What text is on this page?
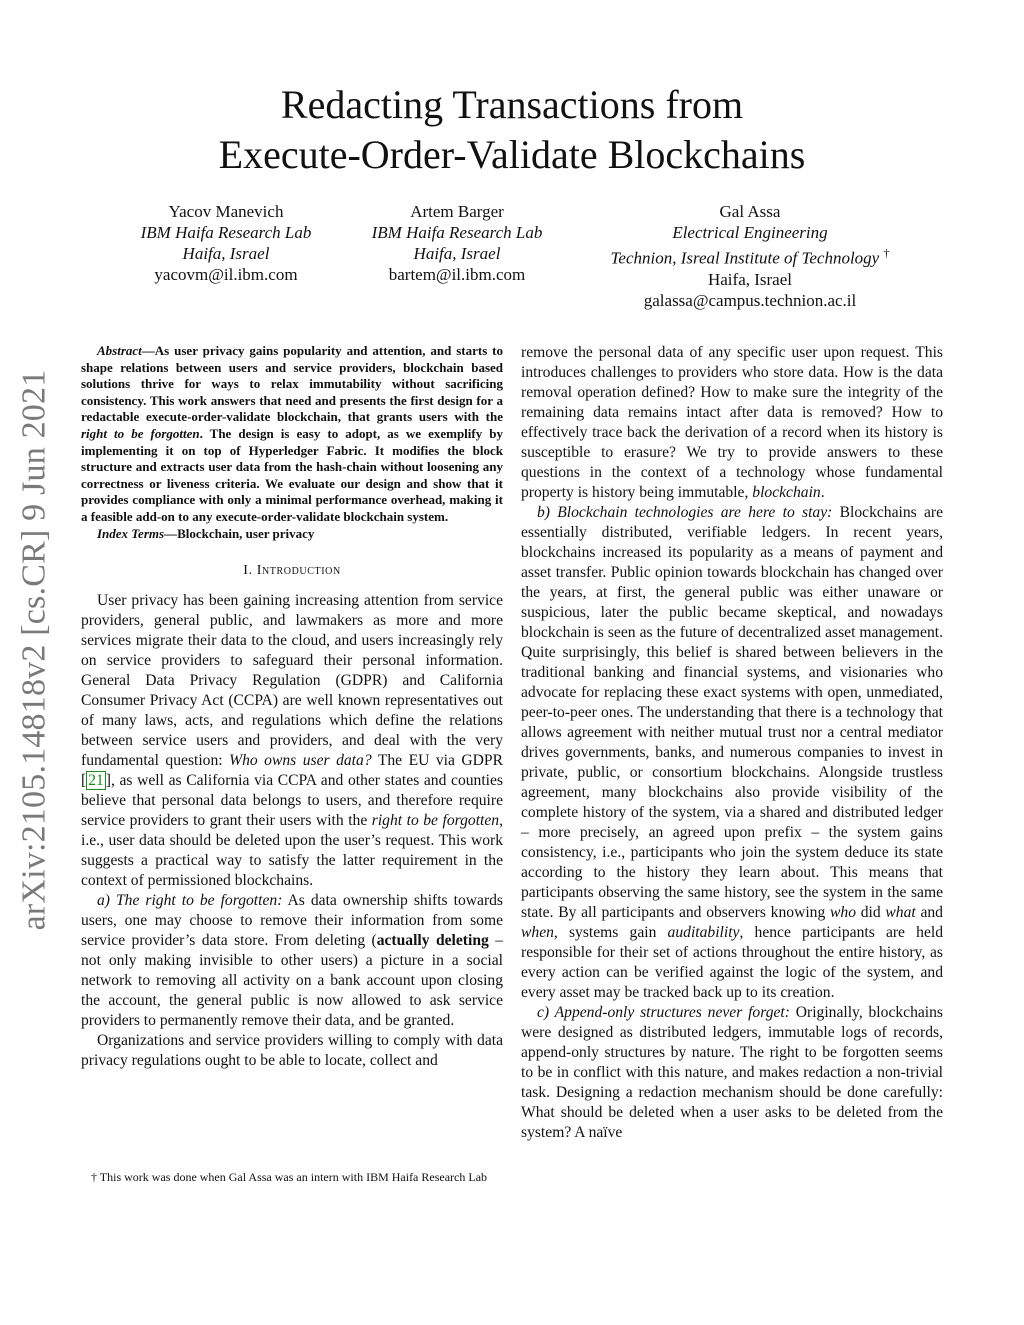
arXiv:2105.14818v2 [cs.CR] 9 Jun 2021
Redacting Transactions from
Execute-Order-Validate Blockchains
Yacov Manevich
IBM Haifa Research Lab
Haifa, Israel
yacovm@il.ibm.com
Artem Barger
IBM Haifa Research Lab
Haifa, Israel
bartem@il.ibm.com
Gal Assa
Electrical Engineering
Technion, Isreal Institute of Technology †
Haifa, Israel
galassa@campus.technion.ac.il

Abstract—As user privacy gains popularity and attention, and starts to shape relations between users and service providers, blockchain based solutions thrive for ways to relax immutability without sacrificing consistency. This work answers that need and presents the first design for a redactable execute-order-validate blockchain, that grants users with the right to be forgotten. The design is easy to adopt, as we exemplify by implementing it on top of Hyperledger Fabric. It modifies the block structure and extracts user data from the hash-chain without loosening any correctness or liveness criteria. We evaluate our design and show that it provides compliance with only a minimal performance overhead, making it a feasible add-on to any execute-order-validate blockchain system.

Index Terms—Blockchain, user privacy

I. Introduction

User privacy has been gaining increasing attention from service providers, general public, and lawmakers as more and more services migrate their data to the cloud, and users increasingly rely on service providers to safeguard their personal information. General Data Privacy Regulation (GDPR) and California Consumer Privacy Act (CCPA) are well known representatives out of many laws, acts, and regulations which define the relations between service users and providers, and deal with the very fundamental question: Who owns user data? The EU via GDPR [ 21 ], as well as California via CCPA and other states and counties believe that personal data belongs to users, and therefore require service providers to grant their users with the right to be forgotten, i.e., user data should be deleted upon the user’s request. This work suggests a practical way to satisfy the latter requirement in the context of permissioned blockchains.

a) The right to be forgotten: As data ownership shifts towards users, one may choose to remove their information from some service provider’s data store. From deleting (actually deleting – not only making invisible to other users) a picture in a social network to removing all activity on a bank account upon closing the account, the general public is now allowed to ask service providers to permanently remove their data, and be granted.

Organizations and service providers willing to comply with data privacy regulations ought to be able to locate, collect and

† This work was done when Gal Assa was an intern with IBM Haifa Research Lab

remove the personal data of any specific user upon request. This introduces challenges to providers who store data. How is the data removal operation defined? How to make sure the integrity of the remaining data remains intact after data is removed? How to effectively trace back the derivation of a record when its history is susceptible to erasure? We try to provide answers to these questions in the context of a technology whose fundamental property is history being immutable, blockchain.

b) Blockchain technologies are here to stay: Blockchains are essentially distributed, verifiable ledgers. In recent years, blockchains increased its popularity as a means of payment and asset transfer. Public opinion towards blockchain has changed over the years, at first, the general public was either unaware or suspicious, later the public became skeptical, and nowadays blockchain is seen as the future of decentralized asset management. Quite surprisingly, this belief is shared between believers in the traditional banking and financial systems, and visionaries who advocate for replacing these exact systems with open, unmediated, peer-to-peer ones. The understanding that there is a technology that allows agreement with neither mutual trust nor a central mediator drives governments, banks, and numerous companies to invest in private, public, or consortium blockchains. Alongside trustless agreement, many blockchains also provide visibility of the complete history of the system, via a shared and distributed ledger – more precisely, an agreed upon prefix – the system gains consistency, i.e., participants who join the system deduce its state according to the history they learn about. This means that participants observing the same history, see the system in the same state. By all participants and observers knowing who did what and when, systems gain auditability, hence participants are held responsible for their set of actions throughout the entire history, as every action can be verified against the logic of the system, and every asset may be tracked back up to its creation.

c) Append-only structures never forget: Originally, blockchains were designed as distributed ledgers, immutable logs of records, append-only structures by nature. The right to be forgotten seems to be in conflict with this nature, and makes redaction a non-trivial task. Designing a redaction mechanism should be done carefully: What should be deleted when a user asks to be deleted from the system? A naïve
